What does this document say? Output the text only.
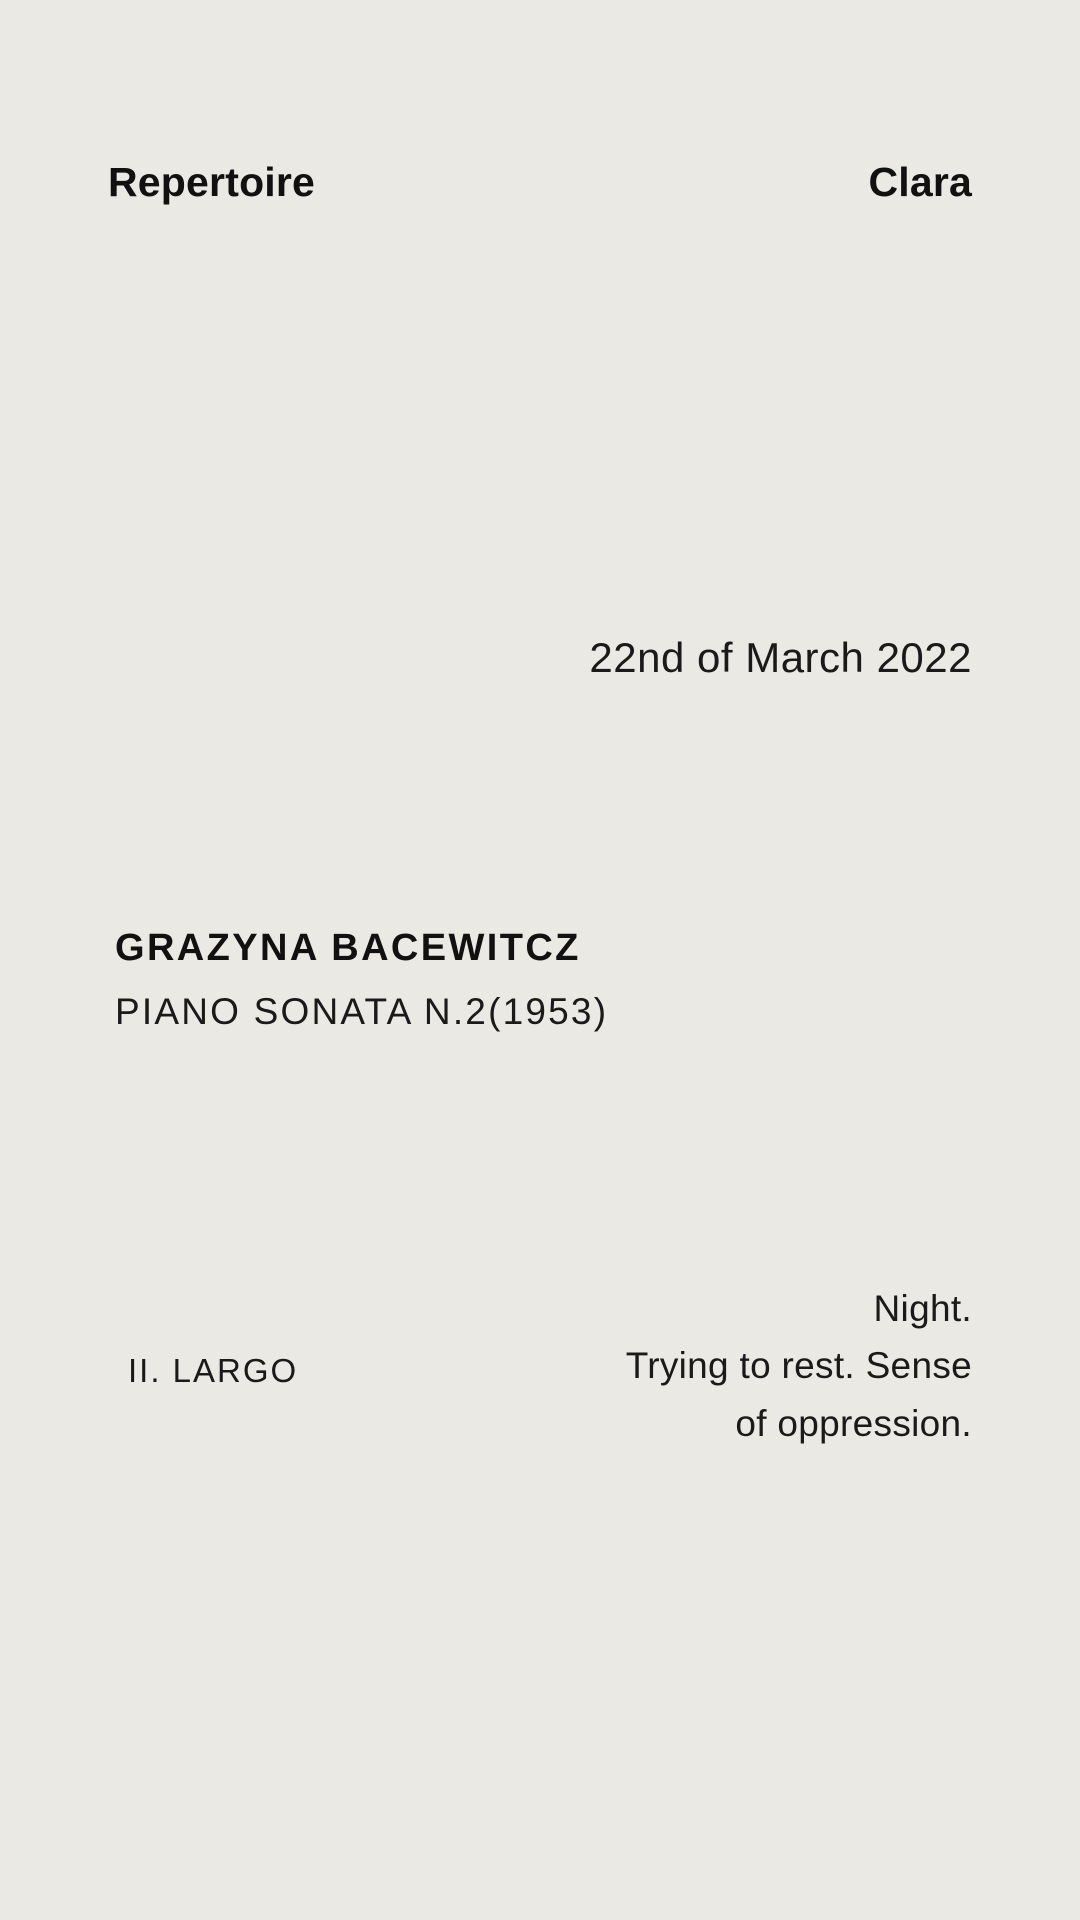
Repertoire	Clara
22nd of March 2022
GRAZYNA BACEWITCZ
PIANO SONATA N.2(1953)
II. LARGO
Night.
Trying to rest. Sense
of oppression.
